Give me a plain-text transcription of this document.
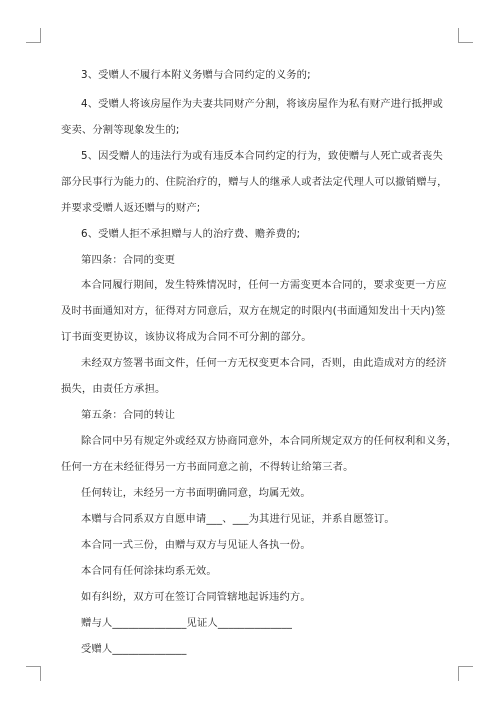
3、受赠人不履行本附义务赠与合同约定的义务的;
4、受赠人将该房屋作为夫妻共同财产分割，将该房屋作为私有财产进行抵押或
变卖、分割等现象发生的;
5、因受赠人的违法行为或有违反本合同约定的行为，致使赠与人死亡或者丧失
部分民事行为能力的、住院治疗的，赠与人的继承人或者法定代理人可以撤销赠与，
并要求受赠人返还赠与的财产;
6、受赠人拒不承担赠与人的治疗费、赡养费的;
第四条：合同的变更
本合同履行期间，发生特殊情况时，任何一方需变更本合同的，要求变更一方应
及时书面通知对方，征得对方同意后，双方在规定的时限内(书面通知发出十天内)签
订书面变更协议，该协议将成为合同不可分割的部分。
未经双方签署书面文件，任何一方无权变更本合同，否则，由此造成对方的经济
损失，由责任方承担。
第五条：合同的转让
除合同中另有规定外或经双方协商同意外，本合同所规定双方的任何权利和义务，
任何一方在未经征得另一方书面同意之前，不得转让给第三者。
任何转让，未经另一方书面明确同意，均属无效。
本赠与合同系双方自愿申请___、___为其进行见证，并系自愿签订。
本合同一式三份，由赠与双方与见证人各执一份。
本合同有任何涂抹均系无效。
如有纠纷，双方可在签订合同管辖地起诉违约方。
赠与人______________见证人______________
受赠人______________
